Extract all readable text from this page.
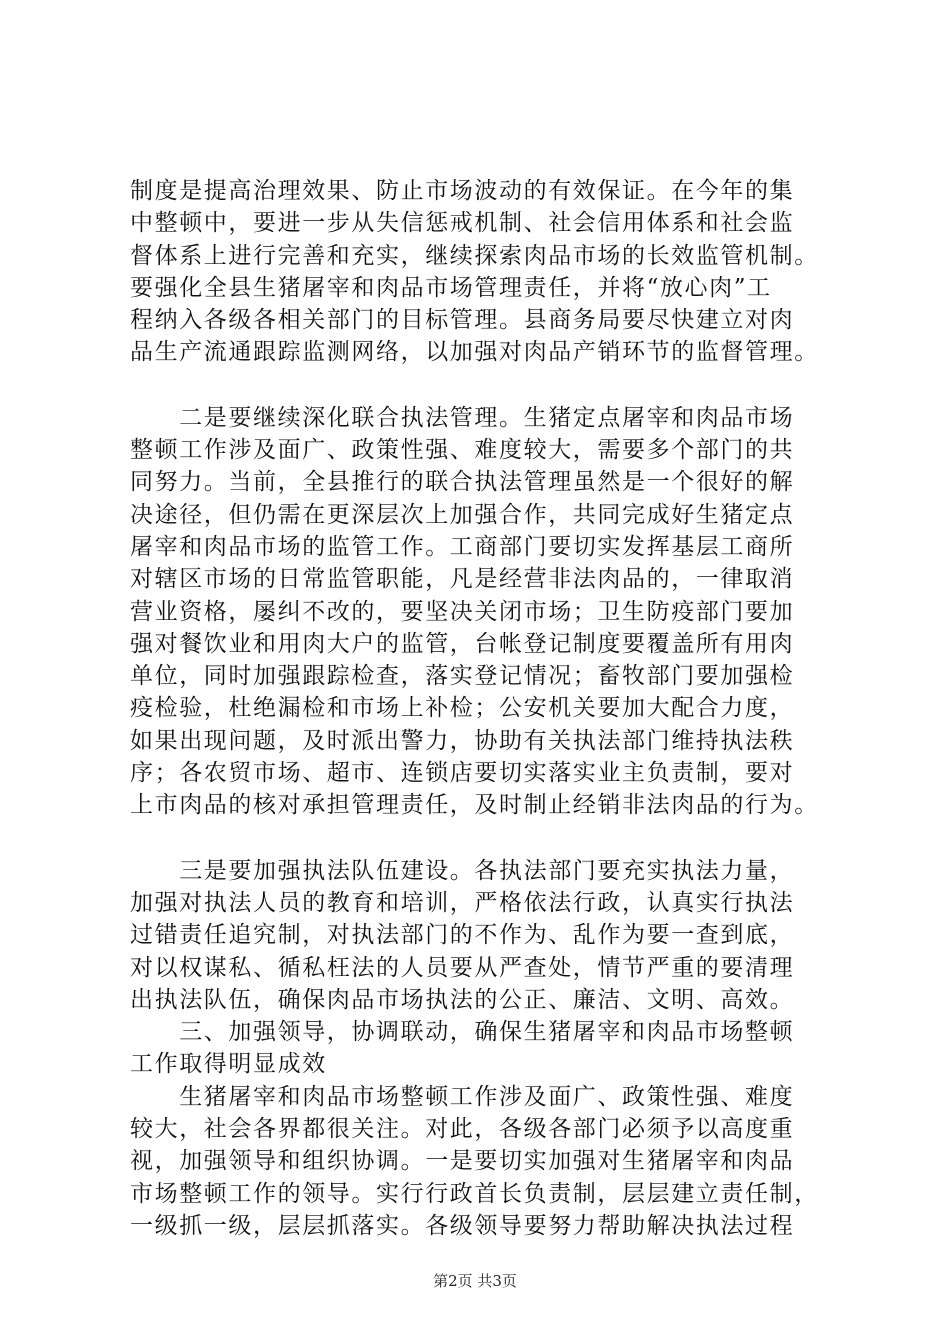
制度是提高治理效果、防止市场波动的有效保证。在今年的集
中整顿中，要进一步从失信惩戒机制、社会信用体系和社会监
督体系上进行完善和充实，继续探索肉品市场的长效监管机制。
要强化全县生猪屠宰和肉品市场管理责任，并将“放心肉”工
程纳入各级各相关部门的目标管理。县商务局要尽快建立对肉
品生产流通跟踪监测网络，以加强对肉品产销环节的监督管理。
　　二是要继续深化联合执法管理。生猪定点屠宰和肉品市场
整顿工作涉及面广、政策性强、难度较大，需要多个部门的共
同努力。当前，全县推行的联合执法管理虽然是一个很好的解
决途径，但仍需在更深层次上加强合作，共同完成好生猪定点
屠宰和肉品市场的监管工作。工商部门要切实发挥基层工商所
对辖区市场的日常监管职能，凡是经营非法肉品的，一律取消
营业资格，屡纠不改的，要坚决关闭市场；卫生防疫部门要加
强对餐饮业和用肉大户的监管，台帐登记制度要覆盖所有用肉
单位，同时加强跟踪检查，落实登记情况；畜牧部门要加强检
疫检验，杜绝漏检和市场上补检；公安机关要加大配合力度，
如果出现问题，及时派出警力，协助有关执法部门维持执法秩
序；各农贸市场、超市、连锁店要切实落实业主负责制，要对
上市肉品的核对承担管理责任，及时制止经销非法肉品的行为。
　　三是要加强执法队伍建设。各执法部门要充实执法力量，
加强对执法人员的教育和培训，严格依法行政，认真实行执法
过错责任追究制，对执法部门的不作为、乱作为要一查到底，
对以权谋私、循私枉法的人员要从严查处，情节严重的要清理
出执法队伍，确保肉品市场执法的公正、廉洁、文明、高效。
　　三、加强领导，协调联动，确保生猪屠宰和肉品市场整顿
工作取得明显成效
　　生猪屠宰和肉品市场整顿工作涉及面广、政策性强、难度
较大，社会各界都很关注。对此，各级各部门必须予以高度重
视，加强领导和组织协调。一是要切实加强对生猪屠宰和肉品
市场整顿工作的领导。实行行政首长负责制，层层建立责任制，
一级抓一级，层层抓落实。各级领导要努力帮助解决执法过程
第2页 共3页
